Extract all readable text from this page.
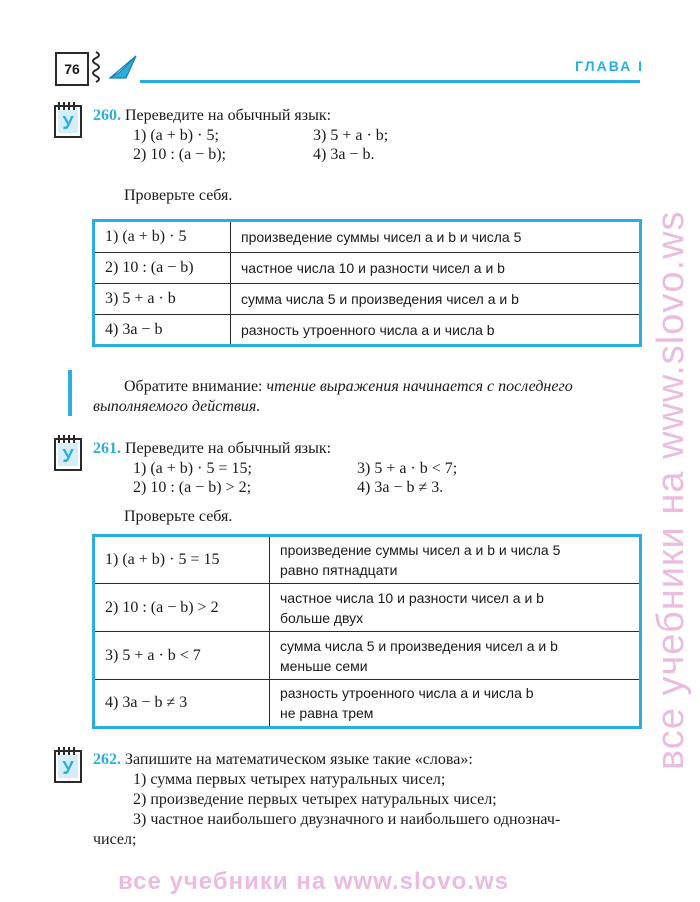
76	ГЛАВА I
У 260. Переведите на обычный язык:
1) (a + b) · 5;	3) 5 + a · b;
2) 10 : (a − b);	4) 3a − b.
Проверьте себя.
1) (a + b) · 5	произведение суммы чисел a и b и числа 5
2) 10 : (a − b)	частное числа 10 и разности чисел a и b
3) 5 + a · b	сумма числа 5 и произведения чисел a и b
4) 3a − b	разность утроенного числа a и числа b
Обратите внимание: чтение выражения начинается с последнего
выполняемого действия.
У 261. Переведите на обычный язык:
1) (a + b) · 5 = 15;	3) 5 + a · b < 7;
2) 10 : (a − b) > 2;	4) 3a − b ≠ 3.
Проверьте себя.
1) (a + b) · 5 = 15	произведение суммы чисел a и b и числа 5
равно пятнадцати

2) 10 : (a − b) > 2	частное числа 10 и разности чисел a и b
больше двух

3) 5 + a · b < 7	сумма числа 5 и произведения чисел a и b
меньше семи

4) 3a − b ≠ 3	разность утроенного числа a и числа b
не равна трем
У 262. Запишите на математическом языке такие «слова»:
1) сумма первых четырех натуральных чисел;
2) произведение первых четырех натуральных чисел;
3) частное наибольшего двузначного и наибольшего однознач-
чисел;
все учебники на www.slovo.ws
все учебники на www.slovo.ws
